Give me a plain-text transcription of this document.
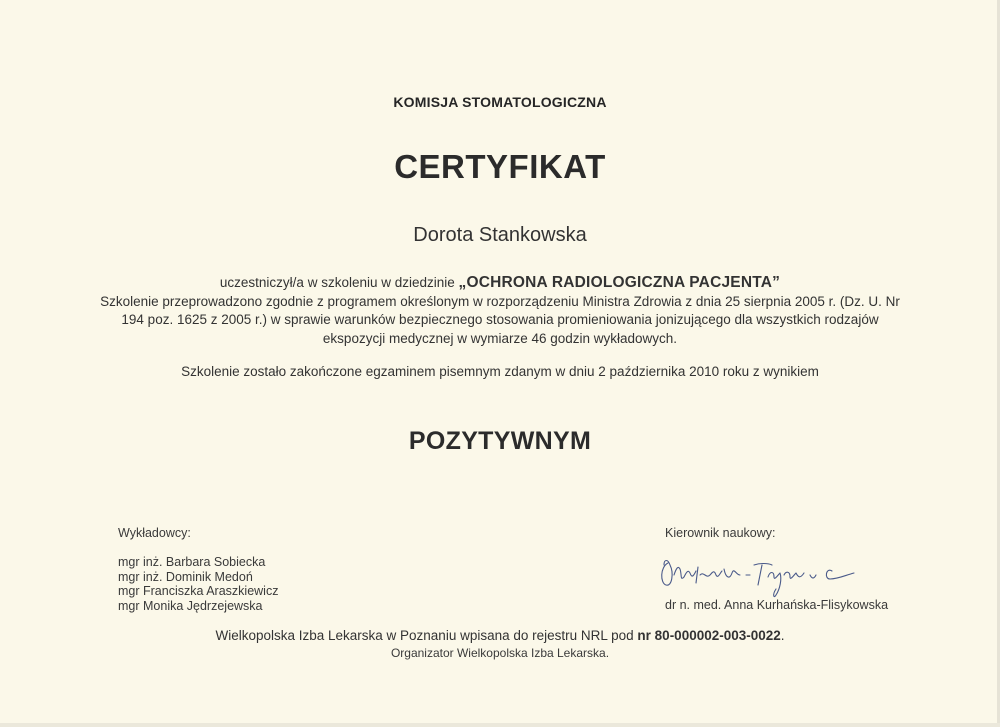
KOMISJA STOMATOLOGICZNA
CERTYFIKAT
Dorota Stankowska
uczestniczył/a w szkoleniu w dziedzinie „OCHRONA RADIOLOGICZNA PACJENTA”
Szkolenie przeprowadzono zgodnie z programem określonym w rozporządzeniu Ministra Zdrowia z dnia 25 sierpnia 2005 r. (Dz. U. Nr
194 poz. 1625 z 2005 r.) w sprawie warunków bezpiecznego stosowania promieniowania jonizującego dla wszystkich rodzajów
ekspozycji medycznej w wymiarze 46 godzin wykładowych.
Szkolenie zostało zakończone egzaminem pisemnym zdanym w dniu 2 października 2010 roku z wynikiem
POZYTYWNYM
Wykładowcy:
mgr inż. Barbara Sobiecka
mgr inż. Dominik Medoń
mgr Franciszka Araszkiewicz
mgr Monika Jędrzejewska
Kierownik naukowy:
dr n. med. Anna Kurhańska-Flisykowska
Wielkopolska Izba Lekarska w Poznaniu wpisana do rejestru NRL pod nr 80-000002-003-0022.
Organizator Wielkopolska Izba Lekarska.
